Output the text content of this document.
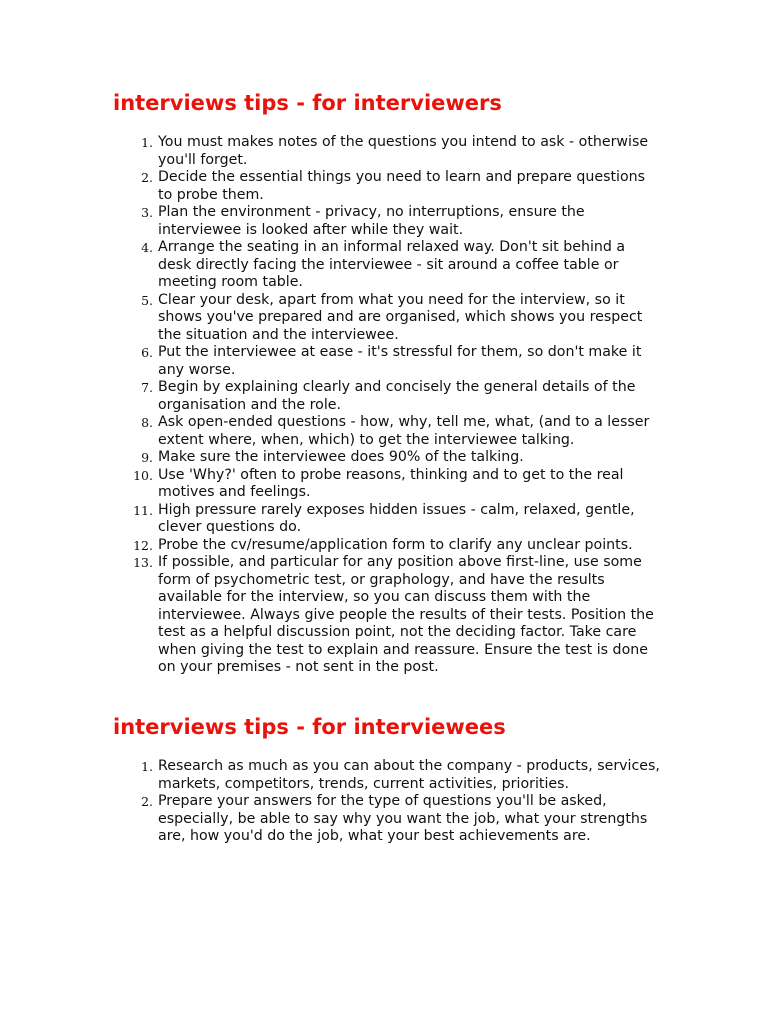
interviews tips - for interviewers
1. You must makes notes of the questions you intend to ask - otherwise you'll forget.
2. Decide the essential things you need to learn and prepare questions to probe them.
3. Plan the environment - privacy, no interruptions, ensure the interviewee is looked after while they wait.
4. Arrange the seating in an informal relaxed way. Don't sit behind a desk directly facing the interviewee - sit around a coffee table or meeting room table.
5. Clear your desk, apart from what you need for the interview, so it shows you've prepared and are organised, which shows you respect the situation and the interviewee.
6. Put the interviewee at ease - it's stressful for them, so don't make it any worse.
7. Begin by explaining clearly and concisely the general details of the organisation and the role.
8. Ask open-ended questions - how, why, tell me, what, (and to a lesser extent where, when, which) to get the interviewee talking.
9. Make sure the interviewee does 90% of the talking.
10. Use 'Why?' often to probe reasons, thinking and to get to the real motives and feelings.
11. High pressure rarely exposes hidden issues - calm, relaxed, gentle, clever questions do.
12. Probe the cv/resume/application form to clarify any unclear points.
13. If possible, and particular for any position above first-line, use some form of psychometric test, or graphology, and have the results available for the interview, so you can discuss them with the interviewee. Always give people the results of their tests. Position the test as a helpful discussion point, not the deciding factor. Take care when giving the test to explain and reassure. Ensure the test is done on your premises - not sent in the post.
interviews tips - for interviewees
1. Research as much as you can about the company - products, services, markets, competitors, trends, current activities, priorities.
2. Prepare your answers for the type of questions you'll be asked, especially, be able to say why you want the job, what your strengths are, how you'd do the job, what your best achievements are.
